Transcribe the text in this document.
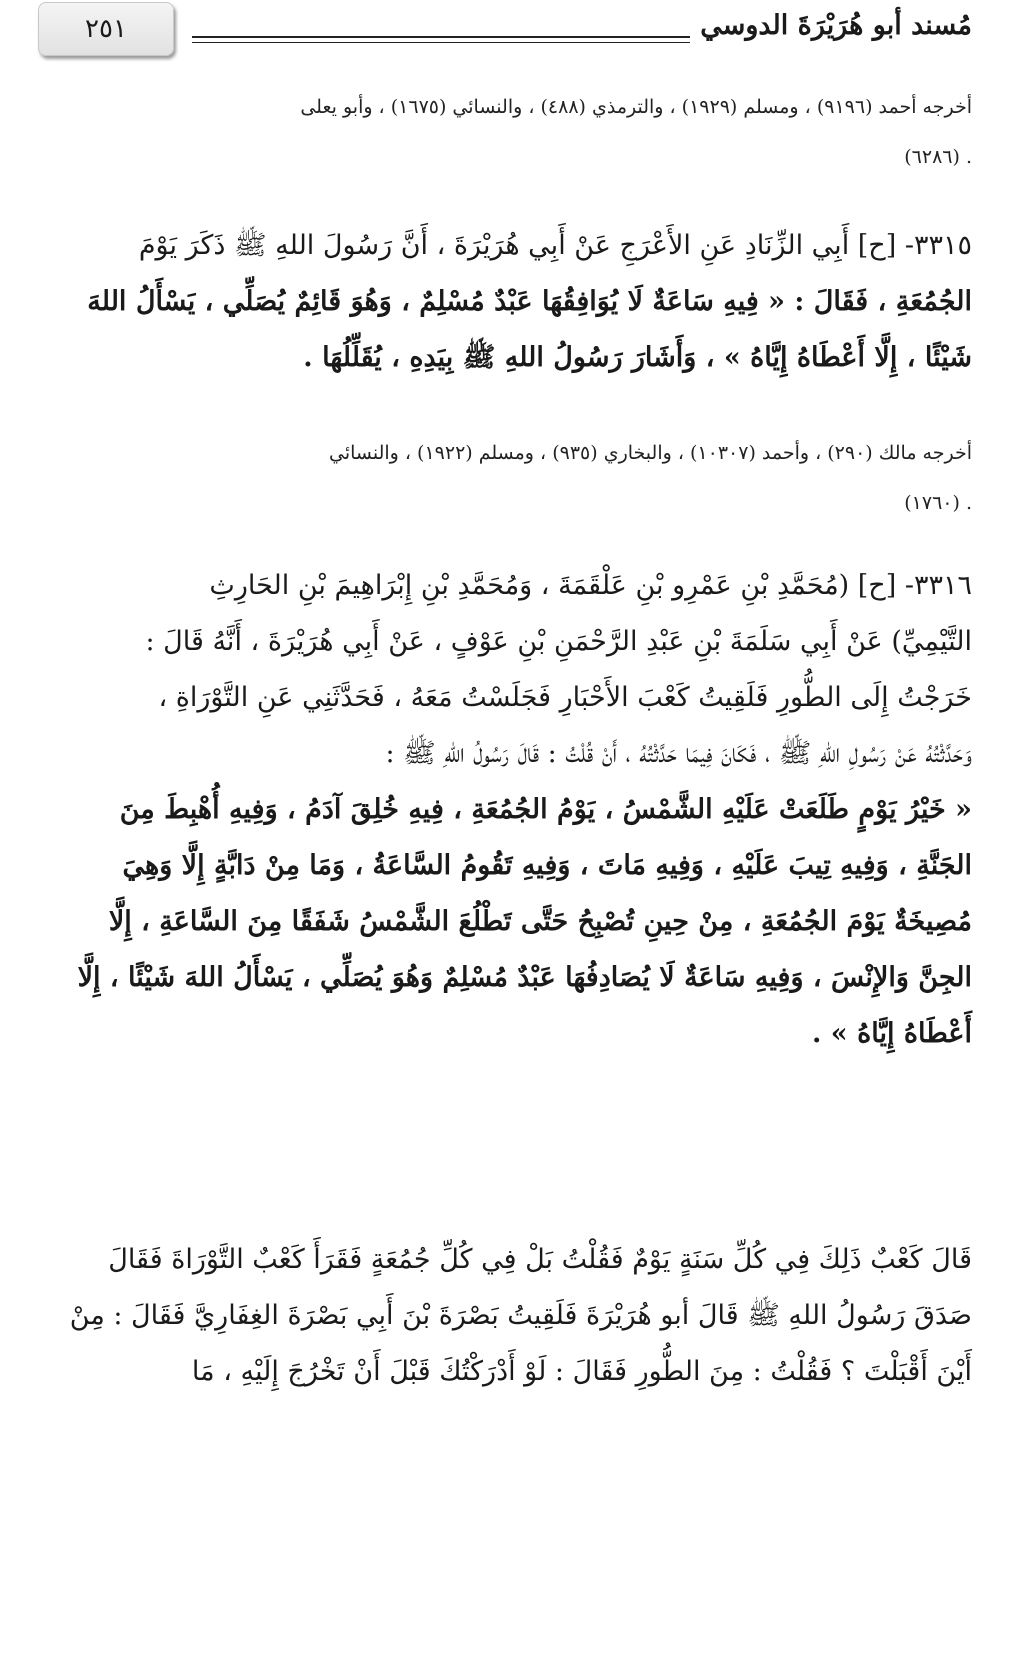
٢٥١	مُسند أبو هُرَيْرَةَ الدوسي
أخرجه أحمد (٩١٩٦) ، ومسلم (١٩٢٩) ، والترمذي (٤٨٨) ، والنسائي (١٦٧٥) ، وأبو يعلى
. (٦٢٨٦)
٣٣١٥- [ح] أَبِي الزِّنَادِ عَنِ الأَعْرَجِ عَنْ أَبِي هُرَيْرَةَ ، أَنَّ رَسُولَ اللهِ ﷺ ذَكَرَ يَوْمَ
الجُمُعَةِ ، فَقَالَ : « فِيهِ سَاعَةٌ لَا يُوَافِقُهَا عَبْدٌ مُسْلِمٌ ، وَهُوَ قَائِمٌ يُصَلِّي ، يَسْأَلُ اللهَ
شَيْئًا ، إِلَّا أَعْطَاهُ إِيَّاهُ » ، وَأَشَارَ رَسُولُ اللهِ ﷺ بِيَدِهِ ، يُقَلِّلُهَا .
أخرجه مالك (٢٩٠) ، وأحمد (١٠٣٠٧) ، والبخاري (٩٣٥) ، ومسلم (١٩٢٢) ، والنسائي
. (١٧٦٠)
٣٣١٦- [ح] (مُحَمَّدِ بْنِ عَمْرِو بْنِ عَلْقَمَةَ ، وَمُحَمَّدِ بْنِ إِبْرَاهِيمَ بْنِ الحَارِثِ
التَّيْمِيِّ) عَنْ أَبِي سَلَمَةَ بْنِ عَبْدِ الرَّحْمَنِ بْنِ عَوْفٍ ، عَنْ أَبِي هُرَيْرَةَ ، أَنَّهُ قَالَ :
خَرَجْتُ إِلَى الطُّورِ فَلَقِيتُ كَعْبَ الأَحْبَارِ فَجَلَسْتُ مَعَهُ ، فَحَدَّثَنِي عَنِ التَّوْرَاةِ ،
وَحَدَّثْتُهُ عَنْ رَسُولِ اللهِ ﷺ ، فَكَانَ فِيمَا حَدَّثْتُهُ ، أَنْ قُلْتُ : قَالَ رَسُولُ اللهِ ﷺ :
« خَيْرُ يَوْمٍ طَلَعَتْ عَلَيْهِ الشَّمْسُ ، يَوْمُ الجُمُعَةِ ، فِيهِ خُلِقَ آدَمُ ، وَفِيهِ أُهْبِطَ مِنَ
الجَنَّةِ ، وَفِيهِ تِيبَ عَلَيْهِ ، وَفِيهِ مَاتَ ، وَفِيهِ تَقُومُ السَّاعَةُ ، وَمَا مِنْ دَابَّةٍ إِلَّا وَهِيَ
مُصِيخَةٌ يَوْمَ الجُمُعَةِ ، مِنْ حِينِ تُصْبِحُ حَتَّى تَطْلُعَ الشَّمْسُ شَفَقًا مِنَ السَّاعَةِ ، إِلَّا
الجِنَّ وَالإِنْسَ ، وَفِيهِ سَاعَةٌ لَا يُصَادِفُهَا عَبْدٌ مُسْلِمٌ وَهُوَ يُصَلِّي ، يَسْأَلُ اللهَ شَيْئًا ، إِلَّا
أَعْطَاهُ إِيَّاهُ » .
قَالَ كَعْبٌ ذَلِكَ فِي كُلِّ سَنَةٍ يَوْمٌ فَقُلْتُ بَلْ فِي كُلِّ جُمُعَةٍ فَقَرَأَ كَعْبٌ التَّوْرَاةَ فَقَالَ
صَدَقَ رَسُولُ اللهِ ﷺ قَالَ أبو هُرَيْرَةَ فَلَقِيتُ بَصْرَةَ بْنَ أَبِي بَصْرَةَ الغِفَارِيَّ فَقَالَ : مِنْ
أَيْنَ أَقْبَلْتَ ؟ فَقُلْتُ : مِنَ الطُّورِ فَقَالَ : لَوْ أَدْرَكْتُكَ قَبْلَ أَنْ تَخْرُجَ إِلَيْهِ ، مَا
